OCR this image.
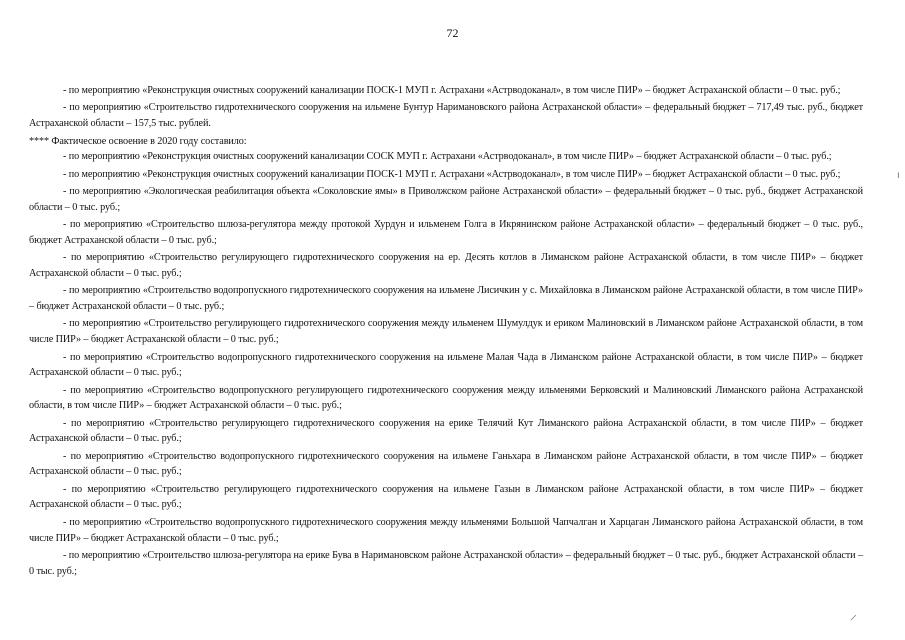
72

- по мероприятию «Реконструкция очистных сооружений канализации ПОСК-1 МУП г. Астрахани «Астрводоканал», в том числе ПИР» – бюджет Астраханской области – 0 тыс. руб.;

- по мероприятию «Строительство гидротехнического сооружения на ильмене Бунтур Наримановского района Астраханской области» – федеральный бюджет – 717,49 тыс. руб., бюджет Астраханской области – 157,5 тыс. рублей.

**** Фактическое освоение в 2020 году составило:

- по мероприятию «Реконструкция очистных сооружений канализации СОСК МУП г. Астрахани «Астрводоканал», в том числе ПИР» – бюджет Астраханской области – 0 тыс. руб.;

- по мероприятию «Реконструкция очистных сооружений канализации ПОСК-1 МУП г. Астрахани «Астрводоканал», в том числе ПИР» – бюджет Астраханской области – 0 тыс. руб.;

- по мероприятию «Экологическая реабилитация объекта «Соколовские ямы» в Приволжском районе Астраханской области» – федеральный бюджет – 0 тыс. руб., бюджет Астраханской области – 0 тыс. руб.;

- по мероприятию «Строительство шлюза-регулятора между протокой Хурдун и ильменем Голга в Икрянинском районе Астраханской области» – федеральный бюджет – 0 тыс. руб., бюджет Астраханской области – 0 тыс. руб.;

- по мероприятию «Строительство регулирующего гидротехнического сооружения на ер. Десять котлов в Лиманском районе Астраханской области, в том числе ПИР» – бюджет Астраханской области – 0 тыс. руб.;

- по мероприятию «Строительство водопропускного гидротехнического сооружения на ильмене Лисичкин у с. Михайловка в Лиманском районе Астраханской области, в том числе ПИР» – бюджет Астраханской области – 0 тыс. руб.;

- по мероприятию «Строительство регулирующего гидротехнического сооружения между ильменем Шумулдук и ериком Малиновский в Лиманском районе Астраханской области, в том числе ПИР» – бюджет Астраханской области – 0 тыс. руб.;

- по мероприятию «Строительство водопропускного гидротехнического сооружения на ильмене Малая Чада в Лиманском районе Астраханской области, в том числе ПИР» – бюджет Астраханской области – 0 тыс. руб.;

- по мероприятию «Строительство водопропускного регулирующего гидротехнического сооружения между ильменями Берковский и Малиновский Лиманского района Астраханской области, в том числе ПИР» – бюджет Астраханской области – 0 тыс. руб.;

- по мероприятию «Строительство регулирующего гидротехнического сооружения на ерике Телячий Кут Лиманского района Астраханской области, в том числе ПИР» – бюджет Астраханской области – 0 тыс. руб.;

- по мероприятию «Строительство водопропускного гидротехнического сооружения на ильмене Ганьхара в Лиманском районе Астраханской области, в том числе ПИР» – бюджет Астраханской области – 0 тыс. руб.;

- по мероприятию «Строительство регулирующего гидротехнического сооружения на ильмене Газын в Лиманском районе Астраханской области, в том числе ПИР» – бюджет Астраханской области – 0 тыс. руб.;

- по мероприятию «Строительство водопропускного гидротехнического сооружения между ильменями Большой Чапчалган и Харцаган Лиманского района Астраханской области, в том числе ПИР» – бюджет Астраханской области – 0 тыс. руб.;

- по мероприятию «Строительство шлюза-регулятора на ерике Бува в Наримановском районе Астраханской области» – федеральный бюджет – 0 тыс. руб., бюджет Астраханской области – 0 тыс. руб.;

ı
⸝
